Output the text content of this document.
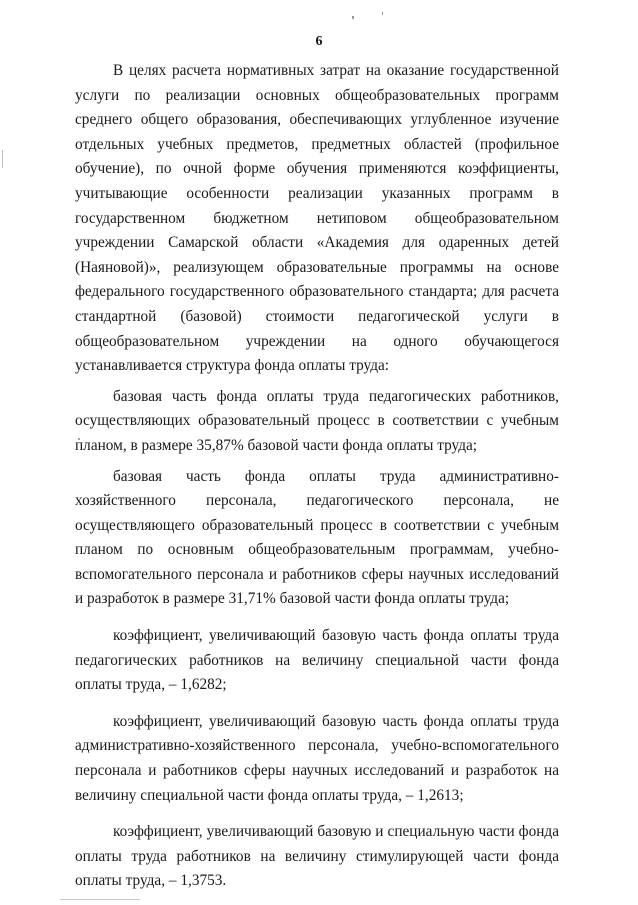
6

В целях расчета нормативных затрат на оказание государственной услуги по реализации основных общеобразовательных программ среднего общего образования, обеспечивающих углубленное изучение отдельных учебных предметов, предметных областей (профильное обучение), по очной форме обучения применяются коэффициенты, учитывающие особенности реализации указанных программ в государственном бюджетном нетиповом общеобразовательном учреждении Самарской области «Академия для одаренных детей (Наяновой)», реализующем образовательные программы на основе федерального государственного образовательного стандарта; для расчета стандартной (базовой) стоимости педагогической услуги в общеобразовательном учреждении на одного обучающегося устанавливается структура фонда оплаты труда:

базовая часть фонда оплаты труда педагогических работников, осуществляющих образовательный процесс в соответствии с учебным планом, в размере 35,87% базовой части фонда оплаты труда;

базовая часть фонда оплаты труда административно-хозяйственного персонала, педагогического персонала, не осуществляющего образовательный процесс в соответствии с учебным планом по основным общеобразовательным программам, учебно-вспомогательного персонала и работников сферы научных исследований и разработок в размере 31,71% базовой части фонда оплаты труда;

коэффициент, увеличивающий базовую часть фонда оплаты труда педагогических работников на величину специальной части фонда оплаты труда, – 1,6282;

коэффициент, увеличивающий базовую часть фонда оплаты труда административно-хозяйственного персонала, учебно-вспомогательного персонала и работников сферы научных исследований и разработок на величину специальной части фонда оплаты труда, – 1,2613;

коэффициент, увеличивающий базовую и специальную части фонда оплаты труда работников на величину стимулирующей части фонда оплаты труда, – 1,3753.
